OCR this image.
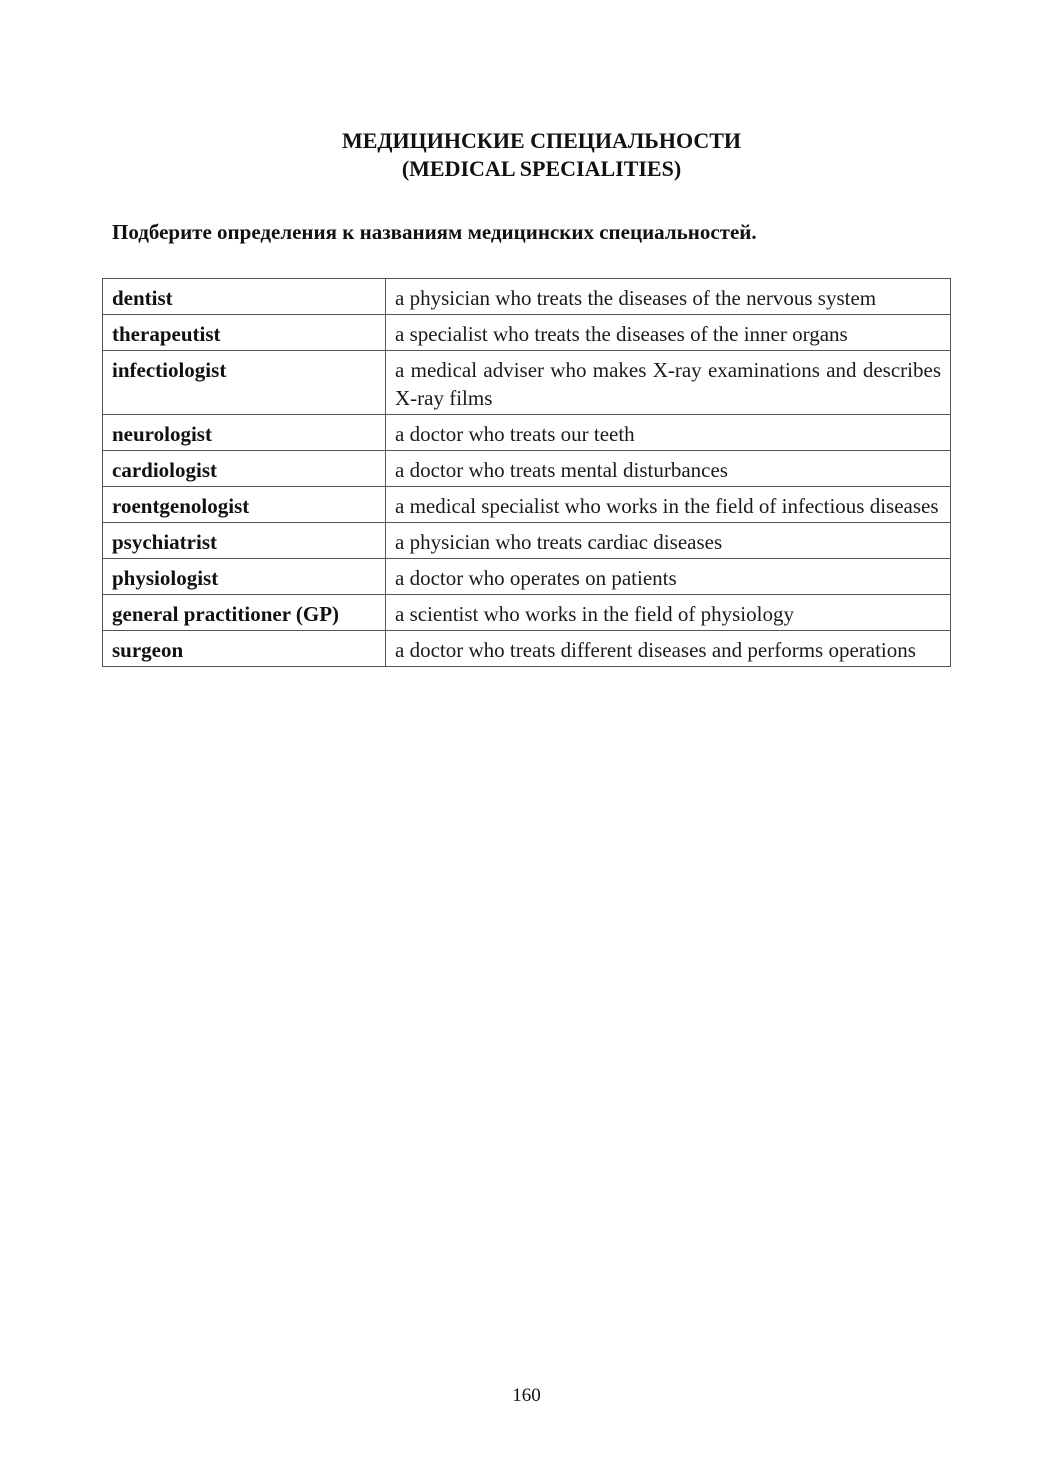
МЕДИЦИНСКИЕ СПЕЦИАЛЬНОСТИ
(MEDICAL SPECIALITIES)

Подберите определения к названиям медицинских специальностей.

dentist	a physician who treats the diseases of the nervous system
therapeutist	a specialist who treats the diseases of the inner organs
infectiologist	a medical adviser who makes X-ray examinations and describes X-ray films
neurologist	a doctor who treats our teeth
cardiologist	a doctor who treats mental disturbances
roentgenologist	a medical specialist who works in the field of infectious diseases
psychiatrist	a physician who treats cardiac diseases
physiologist	a doctor who operates on patients
general practitioner (GP)	a scientist who works in the field of physiology
surgeon	a doctor who treats different diseases and performs operations
160
